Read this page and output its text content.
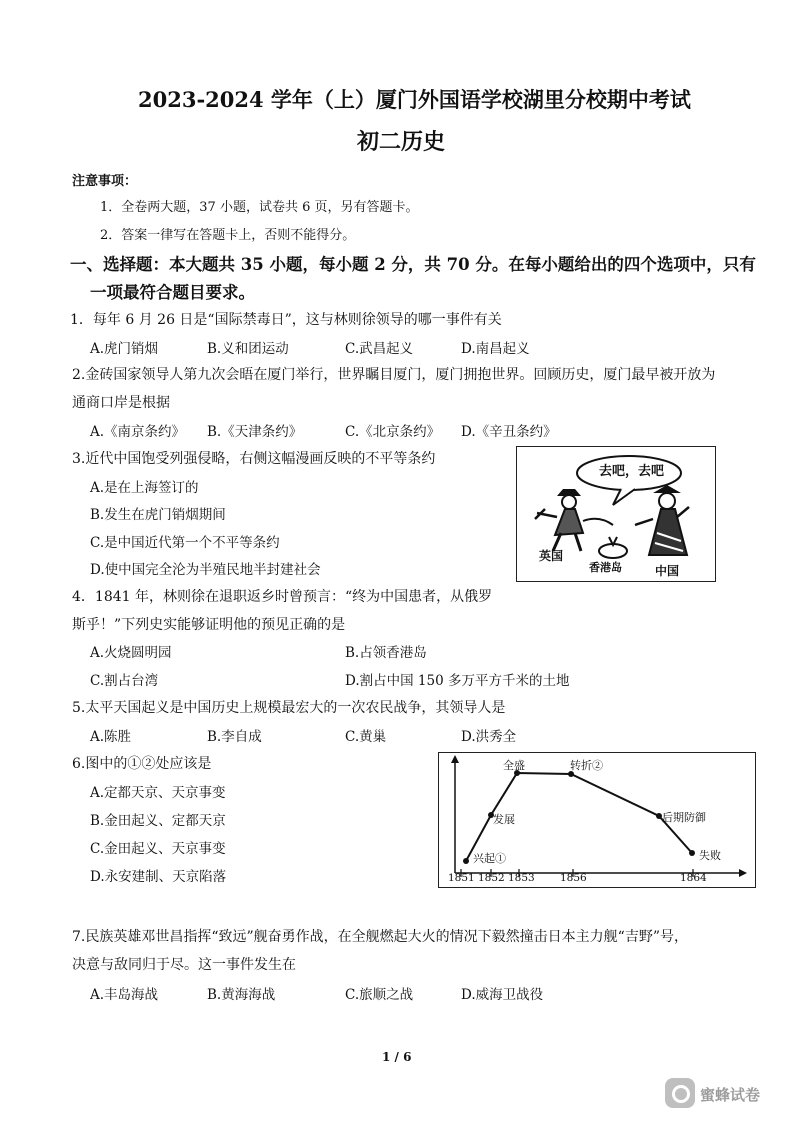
2023-2024 学年（上）厦门外国语学校湖里分校期中考试
初二历史
注意事项：
1．全卷两大题，37 小题，试卷共 6 页，另有答题卡。
2．答案一律写在答题卡上，否则不能得分。
一、选择题：本大题共 35 小题，每小题 2 分，共 70 分。在每小题给出的四个选项中，只有
一项最符合题目要求。
1．每年 6 月 26 日是“国际禁毒日”，这与林则徐领导的哪一事件有关
A.虎门销烟	B.义和团运动	C.武昌起义	D.南昌起义
2.金砖国家领导人第九次会晤在厦门举行，世界瞩目厦门，厦门拥抱世界。回顾历史，厦门最早被开放为
通商口岸是根据
A.《南京条约》 B.《天津条约》	C.《北京条约》 D.《辛丑条约》
3.近代中国饱受列强侵略，右侧这幅漫画反映的不平等条约
A.是在上海签订的
B.发生在虎门销烟期间
C.是中国近代第一个不平等条约
D.使中国完全沦为半殖民地半封建社会
去吧，去吧
英国
香港岛	中国
4．1841 年，林则徐在退职返乡时曾预言：“终为中国患者，从俄罗
斯乎！”下列史实能够证明他的预见正确的是
A.火烧圆明园	B.占领香港岛
C.割占台湾	D.割占中国 150 多万平方千米的土地
5.太平天国起义是中国历史上规模最宏大的一次农民战争，其领导人是
A.陈胜	B.李自成	C.黄巢	D.洪秀全
6.图中的①②处应该是
A.定都天京、天京事变
B.金田起义、定都天京
C.金田起义、天京事变
D.永安建制、天京陷落
兴起①
发展
全盛	转折②
后期防御
失败
1851 1852 1853 1856	1864
7.民族英雄邓世昌指挥“致远”舰奋勇作战，在全舰燃起大火的情况下毅然撞击日本主力舰“吉野”号，
决意与敌同归于尽。这一事件发生在
A.丰岛海战	B.黄海海战	C.旅顺之战	D.威海卫战役
1 / 6
蜜蜂试卷
